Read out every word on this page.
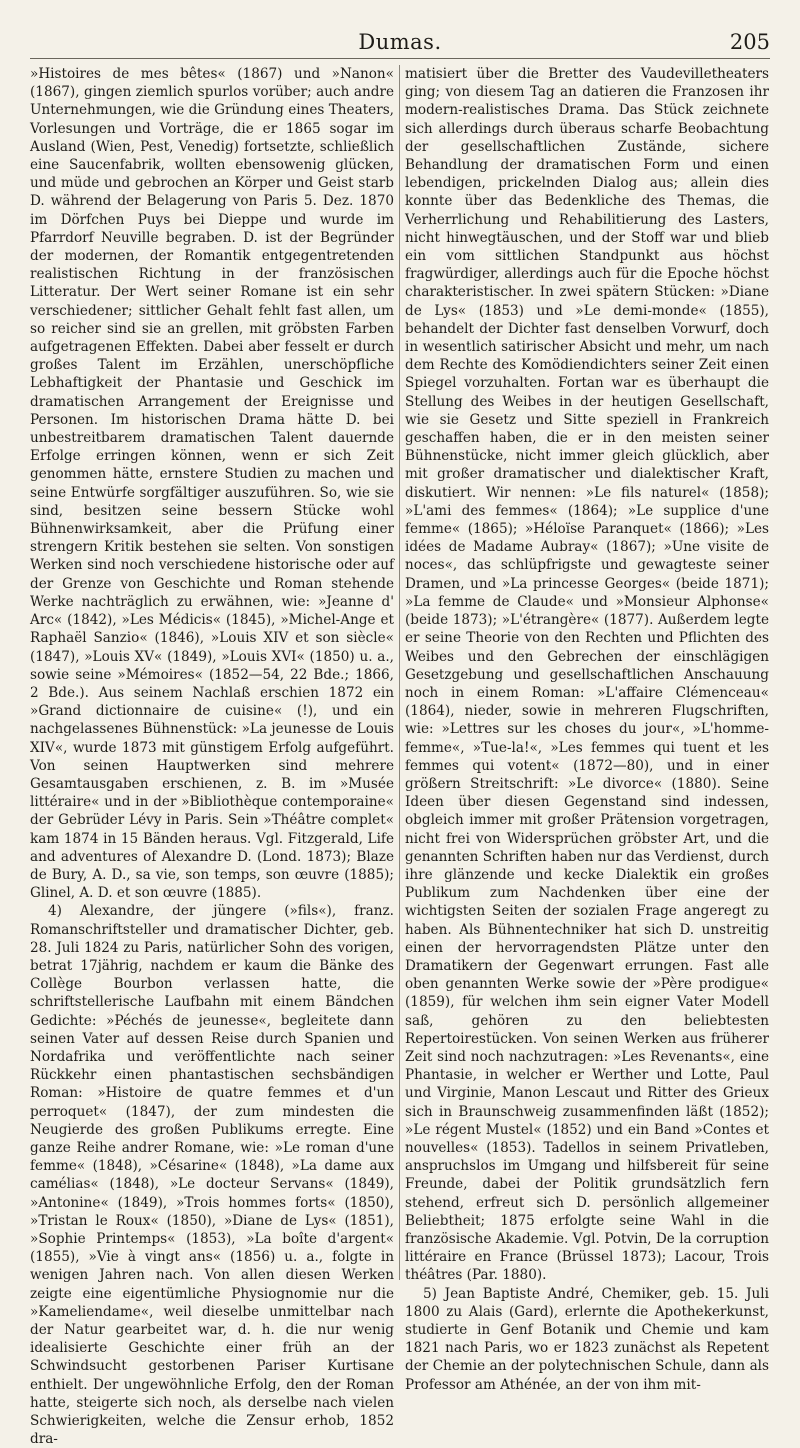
Dumas.	205

»Histoires de mes bêtes« (1867) und »Nanon« (1867), gingen ziemlich spurlos vorüber; auch andre Unternehmungen, wie die Gründung eines Theaters, Vorlesungen und Vorträge, die er 1865 sogar im Ausland (Wien, Pest, Venedig) fortsetzte, schließlich eine Saucenfabrik, wollten ebensowenig glücken, und müde und gebrochen an Körper und Geist starb D. während der Belagerung von Paris 5. Dez. 1870 im Dörfchen Puys bei Dieppe und wurde im Pfarrdorf Neuville begraben. D. ist der Begründer der modernen, der Romantik entgegentretenden realistischen Richtung in der französischen Litteratur. Der Wert seiner Romane ist ein sehr verschiedener; sittlicher Gehalt fehlt fast allen, um so reicher sind sie an grellen, mit gröbsten Farben aufgetragenen Effekten. Dabei aber fesselt er durch großes Talent im Erzählen, unerschöpfliche Lebhaftigkeit der Phantasie und Geschick im dramatischen Arrangement der Ereignisse und Personen. Im historischen Drama hätte D. bei unbestreitbarem dramatischen Talent dauernde Erfolge erringen können, wenn er sich Zeit genommen hätte, ernstere Studien zu machen und seine Entwürfe sorgfältiger auszuführen. So, wie sie sind, besitzen seine bessern Stücke wohl Bühnenwirksamkeit, aber die Prüfung einer strengern Kritik bestehen sie selten. Von sonstigen Werken sind noch verschiedene historische oder auf der Grenze von Geschichte und Roman stehende Werke nachträglich zu erwähnen, wie: »Jeanne d' Arc« (1842), »Les Médicis« (1845), »Michel-Ange et Raphaël Sanzio« (1846), »Louis XIV et son siècle« (1847), »Louis XV« (1849), »Louis XVI« (1850) u. a., sowie seine »Mémoires« (1852—54, 22 Bde.; 1866, 2 Bde.). Aus seinem Nachlaß erschien 1872 ein »Grand dictionnaire de cuisine« (!), und ein nachgelassenes Bühnenstück: »La jeunesse de Louis XIV«, wurde 1873 mit günstigem Erfolg aufgeführt. Von seinen Hauptwerken sind mehrere Gesamtausgaben erschienen, z. B. im »Musée littéraire« und in der »Bibliothèque contemporaine« der Gebrüder Lévy in Paris. Sein »Théâtre complet« kam 1874 in 15 Bänden heraus. Vgl. Fitzgerald, Life and adventures of Alexandre D. (Lond. 1873); Blaze de Bury, A. D., sa vie, son temps, son œuvre (1885); Glinel, A. D. et son œuvre (1885).

4) Alexandre, der jüngere (»fils«), franz. Romanschriftsteller und dramatischer Dichter, geb. 28. Juli 1824 zu Paris, natürlicher Sohn des vorigen, betrat 17jährig, nachdem er kaum die Bänke des Collège Bourbon verlassen hatte, die schriftstellerische Laufbahn mit einem Bändchen Gedichte: »Péchés de jeunesse«, begleitete dann seinen Vater auf dessen Reise durch Spanien und Nordafrika und veröffentlichte nach seiner Rückkehr einen phantastischen sechsbändigen Roman: »Histoire de quatre femmes et d'un perroquet« (1847), der zum mindesten die Neugierde des großen Publikums erregte. Eine ganze Reihe andrer Romane, wie: »Le roman d'une femme« (1848), »Césarine« (1848), »La dame aux camélias« (1848), »Le docteur Servans« (1849), »Antonine« (1849), »Trois hommes forts« (1850), »Tristan le Roux« (1850), »Diane de Lys« (1851), »Sophie Printemps« (1853), »La boîte d'argent« (1855), »Vie à vingt ans« (1856) u. a., folgte in wenigen Jahren nach. Von allen diesen Werken zeigte eine eigentümliche Physiognomie nur die »Kameliendame«, weil dieselbe unmittelbar nach der Natur gearbeitet war, d. h. die nur wenig idealisierte Geschichte einer früh an der Schwindsucht gestorbenen Pariser Kurtisane enthielt. Der ungewöhnliche Erfolg, den der Roman hatte, steigerte sich noch, als derselbe nach vielen Schwierigkeiten, welche die Zensur erhob, 1852 dra-

matisiert über die Bretter des Vaudevilletheaters ging; von diesem Tag an datieren die Franzosen ihr modern-realistisches Drama. Das Stück zeichnete sich allerdings durch überaus scharfe Beobachtung der gesellschaftlichen Zustände, sichere Behandlung der dramatischen Form und einen lebendigen, prickelnden Dialog aus; allein dies konnte über das Bedenkliche des Themas, die Verherrlichung und Rehabilitierung des Lasters, nicht hinwegtäuschen, und der Stoff war und blieb ein vom sittlichen Standpunkt aus höchst fragwürdiger, allerdings auch für die Epoche höchst charakteristischer. In zwei spätern Stücken: »Diane de Lys« (1853) und »Le demi-monde« (1855), behandelt der Dichter fast denselben Vorwurf, doch in wesentlich satirischer Absicht und mehr, um nach dem Rechte des Komödiendichters seiner Zeit einen Spiegel vorzuhalten. Fortan war es überhaupt die Stellung des Weibes in der heutigen Gesellschaft, wie sie Gesetz und Sitte speziell in Frankreich geschaffen haben, die er in den meisten seiner Bühnenstücke, nicht immer gleich glücklich, aber mit großer dramatischer und dialektischer Kraft, diskutiert. Wir nennen: »Le fils naturel« (1858); »L'ami des femmes« (1864); »Le supplice d'une femme« (1865); »Héloïse Paranquet« (1866); »Les idées de Madame Aubray« (1867); »Une visite de noces«, das schlüpfrigste und gewagteste seiner Dramen, und »La princesse Georges« (beide 1871); »La femme de Claude« und »Monsieur Alphonse« (beide 1873); »L'étrangère« (1877). Außerdem legte er seine Theorie von den Rechten und Pflichten des Weibes und den Gebrechen der einschlägigen Gesetzgebung und gesellschaftlichen Anschauung noch in einem Roman: »L'affaire Clémenceau« (1864), nieder, sowie in mehreren Flugschriften, wie: »Lettres sur les choses du jour«, »L'homme-femme«, »Tue-la!«, »Les femmes qui tuent et les femmes qui votent« (1872—80), und in einer größern Streitschrift: »Le divorce« (1880). Seine Ideen über diesen Gegenstand sind indessen, obgleich immer mit großer Prätension vorgetragen, nicht frei von Widersprüchen gröbster Art, und die genannten Schriften haben nur das Verdienst, durch ihre glänzende und kecke Dialektik ein großes Publikum zum Nachdenken über eine der wichtigsten Seiten der sozialen Frage angeregt zu haben. Als Bühnentechniker hat sich D. unstreitig einen der hervorragendsten Plätze unter den Dramatikern der Gegenwart errungen. Fast alle oben genannten Werke sowie der »Père prodigue« (1859), für welchen ihm sein eigner Vater Modell saß, gehören zu den beliebtesten Repertoirestücken. Von seinen Werken aus früherer Zeit sind noch nachzutragen: »Les Revenants«, eine Phantasie, in welcher er Werther und Lotte, Paul und Virginie, Manon Lescaut und Ritter des Grieux sich in Braunschweig zusammenfinden läßt (1852); »Le régent Mustel« (1852) und ein Band »Contes et nouvelles« (1853). Tadellos in seinem Privatleben, anspruchslos im Umgang und hilfsbereit für seine Freunde, dabei der Politik grundsätzlich fern stehend, erfreut sich D. persönlich allgemeiner Beliebtheit; 1875 erfolgte seine Wahl in die französische Akademie. Vgl. Potvin, De la corruption littéraire en France (Brüssel 1873); Lacour, Trois théâtres (Par. 1880).

5) Jean Baptiste André, Chemiker, geb. 15. Juli 1800 zu Alais (Gard), erlernte die Apothekerkunst, studierte in Genf Botanik und Chemie und kam 1821 nach Paris, wo er 1823 zunächst als Repetent der Chemie an der polytechnischen Schule, dann als Professor am Athénée, an der von ihm mit-
